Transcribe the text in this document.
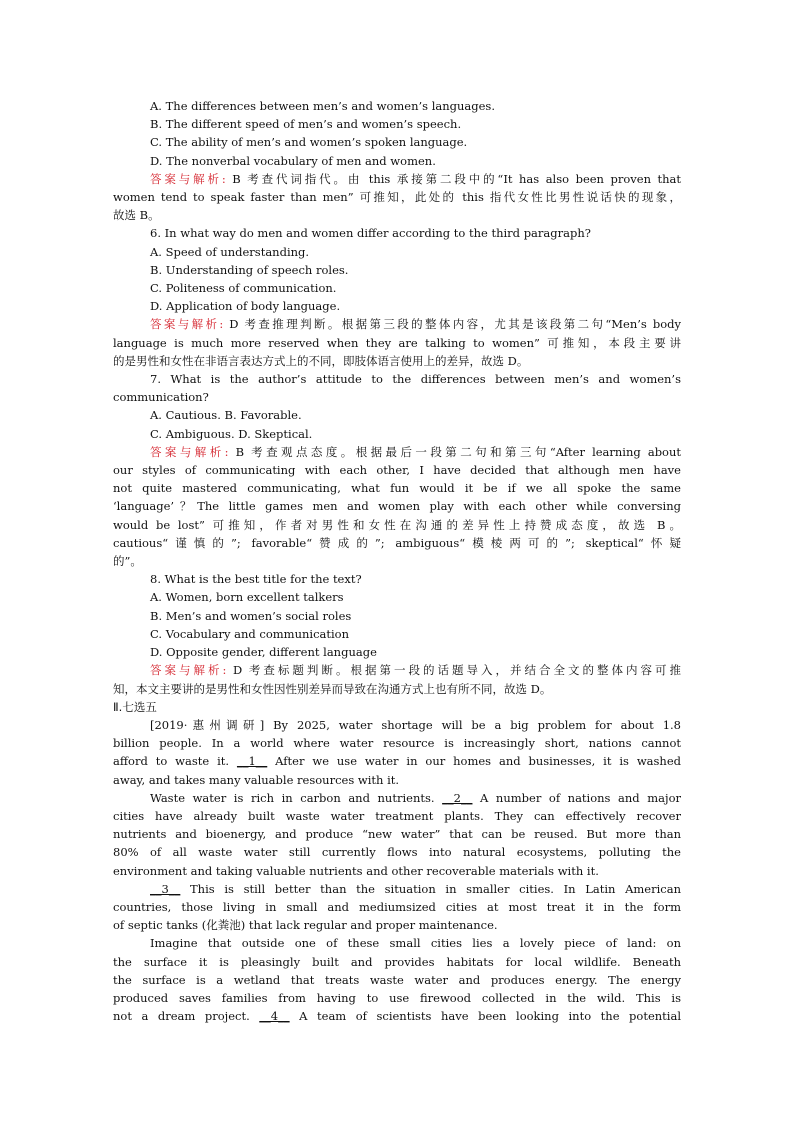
A. The differences between men’s and women’s languages.
B. The different speed of men’s and women’s speech.
C. The ability of men’s and women’s spoken language.
D. The nonverbal vocabulary of men and women.
答案与解析: B 考查代词指代。由 this 承接第二段中的“It has also been proven that
women tend to speak faster than men” 可推知，此处的 this 指代女性比男性说话快的现象，
故选 B。
6. In what way do men and women differ according to the third paragraph?
A. Speed of understanding.
B. Understanding of speech roles.
C. Politeness of communication.
D. Application of body language.
答案与解析: D 考查推理判断。根据第三段的整体内容，尤其是该段第二句“Men’s body
language is much more reserved when they are talking to women” 可推知，本段主要讲
的是男性和女性在非语言表达方式上的不同，即肢体语言使用上的差异，故选 D。
7. What is the author’s attitude to the differences between men’s and women’s
communication?
A. Cautious. B. Favorable.
C. Ambiguous. D. Skeptical.
答案与解析: B 考查观点态度。根据最后一段第二句和第三句“After learning about
our styles of communicating with each other, I have decided that although men have
not quite mastered communicating, what fun would it be if we all spoke the same
‘language’？The little games men and women play with each other while conversing
would be lost” 可推知，作者对男性和女性在沟通的差异性上持赞成态度，故选 B。
cautious“谨慎的”; favorable“赞成的”; ambiguous“模棱两可的”; skeptical“怀疑
的”。
8. What is the best title for the text?
A. Women, born excellent talkers
B. Men’s and women’s social roles
C. Vocabulary and communication
D. Opposite gender, different language
答案与解析: D 考查标题判断。根据第一段的话题导入，并结合全文的整体内容可推
知，本文主要讲的是男性和女性因性别差异而导致在沟通方式上也有所不同，故选 D。
Ⅱ.七选五
[2019·惠州调研] By 2025, water shortage will be a big problem for about 1.8
billion people. In a world where water resource is increasingly short, nations cannot
afford to waste it. __1__ After we use water in our homes and businesses, it is washed
away, and takes many valuable resources with it.
Waste water is rich in carbon and nutrients. __2__ A number of nations and major
cities have already built waste water treatment plants. They can effectively recover
nutrients and bioenergy, and produce “new water” that can be reused. But more than
80% of all waste water still currently flows into natural ecosystems, polluting the
environment and taking valuable nutrients and other recoverable materials with it.
__3__ This is still better than the situation in smaller cities. In Latin American
countries, those living in small and mediumsized cities at most treat it in the form
of septic tanks (化粪池) that lack regular and proper maintenance.
Imagine that outside one of these small cities lies a lovely piece of land: on
the surface it is pleasingly built and provides habitats for local wildlife. Beneath
the surface is a wetland that treats waste water and produces energy. The energy
produced saves families from having to use firewood collected in the wild. This is
not a dream project. __4__ A team of scientists have been looking into the potential
